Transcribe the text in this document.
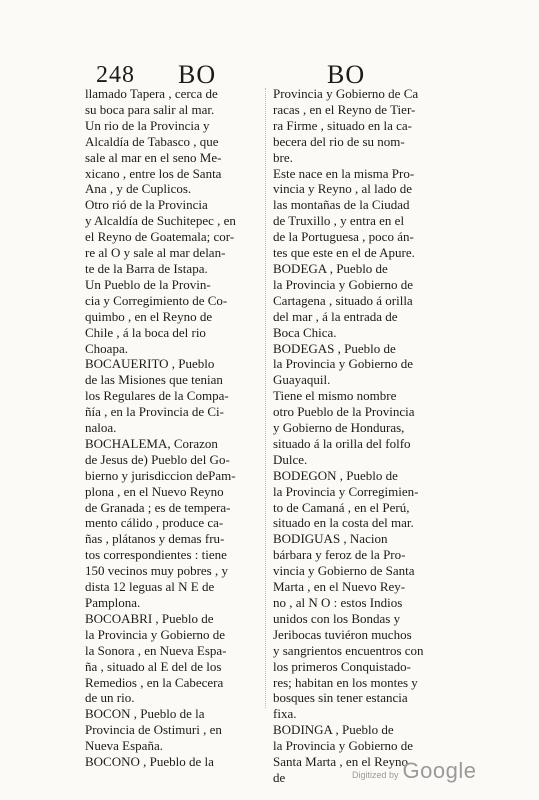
248 BO	BO
llamado Tapera , cerca de
su boca para salir al mar.
Un rio de la Provincia y
Alcaldía de Tabasco , que
sale al mar en el seno Me-
xicano , entre los de Santa
Ana , y de Cuplicos.
Otro rió de la Provincia
y Alcaldía de Suchitepec , en
el Reyno de Goatemala; cor-
re al O y sale al mar delan-
te de la Barra de Istapa.
Un Pueblo de la Provin-
cia y Corregimiento de Co-
quimbo , en el Reyno de
Chile , á la boca del rio
Choapa.
BOCAUERITO , Pueblo
de las Misiones que tenian
los Regulares de la Compa-
ñía , en la Provincia de Ci-
naloa.
BOCHALEMA, Corazon
de Jesus de) Pueblo del Go-
bierno y jurisdiccion dePam-
plona , en el Nuevo Reyno
de Granada ; es de tempera-
mento cálido , produce ca-
ñas , plátanos y demas fru-
tos correspondientes : tiene
150 vecinos muy pobres , y
dista 12 leguas al N E de
Pamplona.
BOCOABRI , Pueblo de
la Provincia y Gobierno de
la Sonora , en Nueva Espa-
ña , situado al E del de los
Remedios , en la Cabecera
de un rio.
BOCON , Pueblo de la
Provincia de Ostimuri , en
Nueva España.
BOCONO , Pueblo de la
Provincia y Gobierno de Ca
racas , en el Reyno de Tier-
ra Firme , situado en la ca-
becera del rio de su nom-
bre.
Este nace en la misma Pro-
vincia y Reyno , al lado de
las montañas de la Ciudad
de Truxillo , y entra en el
de la Portuguesa , poco án-
tes que este en el de Apure.
BODEGA , Pueblo de
la Provincia y Gobierno de
Cartagena , situado á orilla
del mar , á la entrada de
Boca Chica.
BODEGAS , Pueblo de
la Provincia y Gobierno de
Guayaquil.
Tiene el mismo nombre
otro Pueblo de la Provincia
y Gobierno de Honduras,
situado á la orilla del folfo
Dulce.
BODEGON , Pueblo de
la Provincia y Corregimien-
to de Camaná , en el Perú,
situado en la costa del mar.
BODIGUAS , Nacion
bárbara y feroz de la Pro-
vincia y Gobierno de Santa
Marta , en el Nuevo Rey-
no , al N O : estos Indios
unidos con los Bondas y
Jeribocas tuviéron muchos
y sangrientos encuentros con
los primeros Conquistado-
res; habitan en los montes y
bosques sin tener estancia
fixa.
BODINGA , Pueblo de
la Provincia y Gobierno de
Santa Marta , en el Reyno
de	Digitized by Google
